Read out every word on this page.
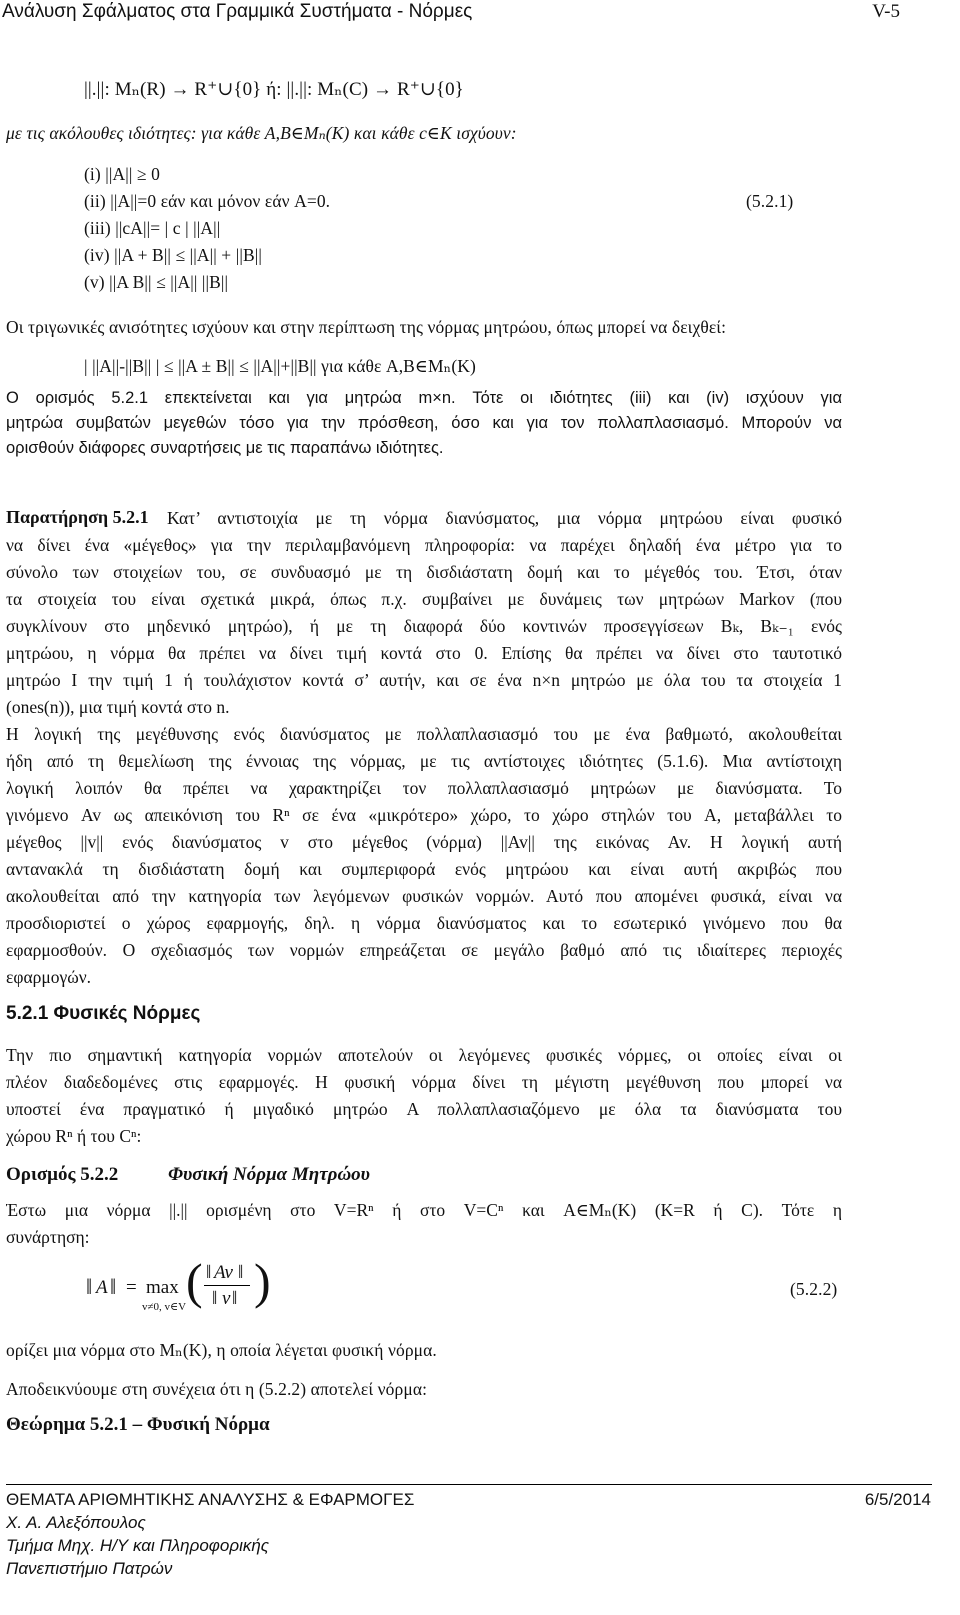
Ανάλυση Σφάλματος στα Γραμμικά Συστήματα - Νόρμες	V-5
||.||: Mₙ(R) → R⁺∪{0} ή: ||.||: Mₙ(C) → R⁺∪{0}
με τις ακόλουθες ιδιότητες: για κάθε A,B∈Mₙ(K) και κάθε c∈K ισχύουν:
(i) ||A|| ≥ 0
(ii) ||A||=0 εάν και μόνον εάν A=0.	(5.2.1)
(iii) ||cA||= | c | ||A||
(iv) ||A + B|| ≤ ||A|| + ||B||
(v) ||A B|| ≤ ||A|| ||B||
Οι τριγωνικές ανισότητες ισχύουν και στην περίπτωση της νόρμας μητρώου, όπως μπορεί να δειχθεί:
| ||A||-||B|| | ≤ ||A ± B|| ≤ ||A||+||B|| για κάθε A,B∈Mₙ(K)
Ο ορισμός 5.2.1 επεκτείνεται και για μητρώα m×n. Τότε οι ιδιότητες (iii) και (iv) ισχύουν για
μητρώα συμβατών μεγεθών τόσο για την πρόσθεση, όσο και για τον πολλαπλασιασμό. Μπορούν να
ορισθούν διάφορες συναρτήσεις με τις παραπάνω ιδιότητες.
Παρατήρηση 5.2.1 Κατ’ αντιστοιχία με τη νόρμα διανύσματος, μια νόρμα μητρώου είναι φυσικό
να δίνει ένα «μέγεθος» για την περιλαμβανόμενη πληροφορία: να παρέχει δηλαδή ένα μέτρο για το
σύνολο των στοιχείων του, σε συνδυασμό με τη δισδιάστατη δομή και το μέγεθός του. Έτσι, όταν
τα στοιχεία του είναι σχετικά μικρά, όπως π.χ. συμβαίνει με δυνάμεις των μητρώων Markov (που
συγκλίνουν στο μηδενικό μητρώο), ή με τη διαφορά δύο κοντινών προσεγγίσεων Bₖ, Bₖ₋₁ ενός
μητρώου, η νόρμα θα πρέπει να δίνει τιμή κοντά στο 0. Επίσης θα πρέπει να δίνει στο ταυτοτικό
μητρώο I την τιμή 1 ή τουλάχιστον κοντά σ’ αυτήν, και σε ένα n×n μητρώο με όλα του τα στοιχεία 1
(ones(n)), μια τιμή κοντά στο n.
Η λογική της μεγέθυνσης ενός διανύσματος με πολλαπλασιασμό του με ένα βαθμωτό, ακολουθείται
ήδη από τη θεμελίωση της έννοιας της νόρμας, με τις αντίστοιχες ιδιότητες (5.1.6). Μια αντίστοιχη
λογική λοιπόν θα πρέπει να χαρακτηρίζει τον πολλαπλασιασμό μητρώων με διανύσματα. Το
γινόμενο Av ως απεικόνιση του Rⁿ σε ένα «μικρότερο» χώρο, το χώρο στηλών του A, μεταβάλλει το
μέγεθος ||v|| ενός διανύσματος v στο μέγεθος (νόρμα) ||Av|| της εικόνας Av. Η λογική αυτή
αντανακλά τη δισδιάστατη δομή και συμπεριφορά ενός μητρώου και είναι αυτή ακριβώς που
ακολουθείται από την κατηγορία των λεγόμενων φυσικών νορμών. Αυτό που απομένει φυσικά, είναι να
προσδιοριστεί ο χώρος εφαρμογής, δηλ. η νόρμα διανύσματος και το εσωτερικό γινόμενο που θα
εφαρμοσθούν. Ο σχεδιασμός των νορμών επηρεάζεται σε μεγάλο βαθμό από τις ιδιαίτερες περιοχές
εφαρμογών.
5.2.1 Φυσικές Νόρμες
Την πιο σημαντική κατηγορία νορμών αποτελούν οι λεγόμενες φυσικές νόρμες, οι οποίες είναι οι
πλέον διαδεδομένες στις εφαρμογές. Η φυσική νόρμα δίνει τη μέγιστη μεγέθυνση που μπορεί να
υποστεί ένα πραγματικό ή μιγαδικό μητρώο A πολλαπλασιαζόμενο με όλα τα διανύσματα του
χώρου Rⁿ ή του Cⁿ:
Ορισμός 5.2.2	Φυσική Νόρμα Μητρώου
Έστω μια νόρμα ||.|| ορισμένη στο V=Rⁿ ή στο V=Cⁿ και A∈Mₙ(K) (K=R ή C). Τότε η
συνάρτηση:
‖ A ‖ = max
v≠0, v∈V ( ‖ Av ‖
‖ v ‖ )	(5.2.2)
ορίζει μια νόρμα στο Mₙ(K), η οποία λέγεται φυσική νόρμα.
Αποδεικνύουμε στη συνέχεια ότι η (5.2.2) αποτελεί νόρμα:
Θεώρημα 5.2.1 – Φυσική Νόρμα
ΘΕΜΑΤΑ ΑΡΙΘΜΗΤΙΚΗΣ ΑΝΑΛΥΣΗΣ & ΕΦΑΡΜΟΓΕΣ	6/5/2014
Χ. Α. Αλεξόπουλος
Τμήμα Μηχ. Η/Υ και Πληροφορικής
Πανεπιστήμιο Πατρών
